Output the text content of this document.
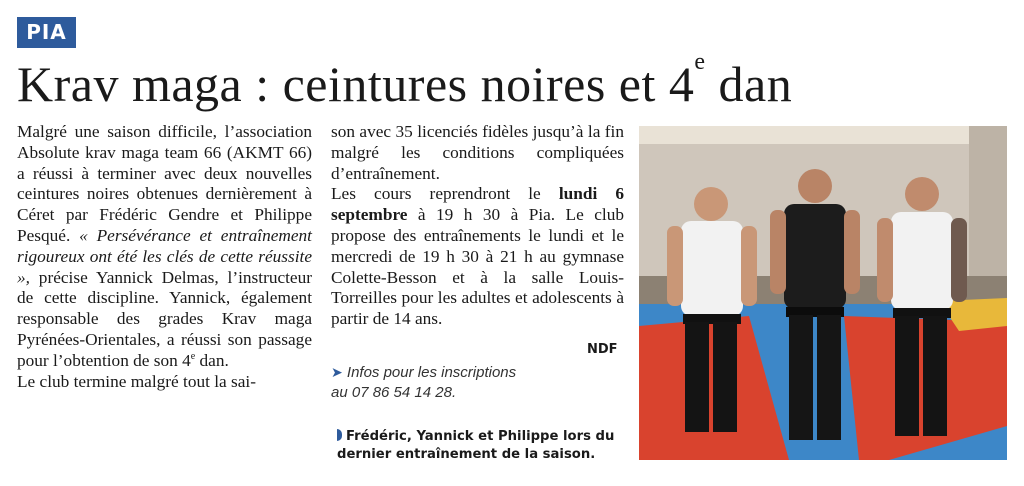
PIA
Krav maga : ceintures noires et 4e dan

Malgré une saison difficile, l’association Absolute krav maga team 66 (AKMT 66) a réussi à terminer avec deux nouvelles ceintures noires obtenues dernièrement à Céret par Frédéric Gendre et Philippe Pesqué. « Persévérance et entraînement rigoureux ont été les clés de cette réussite », précise Yannick Delmas, l’instructeur de cette discipline. Yannick, également responsable des grades Krav maga Pyrénées-Orientales, a réussi son passage pour l’obtention de son 4e dan.

Le club termine malgré tout la sai-

son avec 35 licenciés fidèles jusqu’à la fin malgré les conditions compliquées d’entraînement.

Les cours reprendront le lundi 6 septembre à 19 h 30 à Pia. Le club propose des entraînements le lundi et le mercredi de 19 h 30 à 21 h au gymnase Colette-Besson et à la salle Louis-Torreilles pour les adultes et adolescents à partir de 14 ans.

NDF
➤ Infos pour les inscriptions
au 07 86 54 14 28.
Frédéric, Yannick et Philippe lors du dernier entraînement de la saison.
